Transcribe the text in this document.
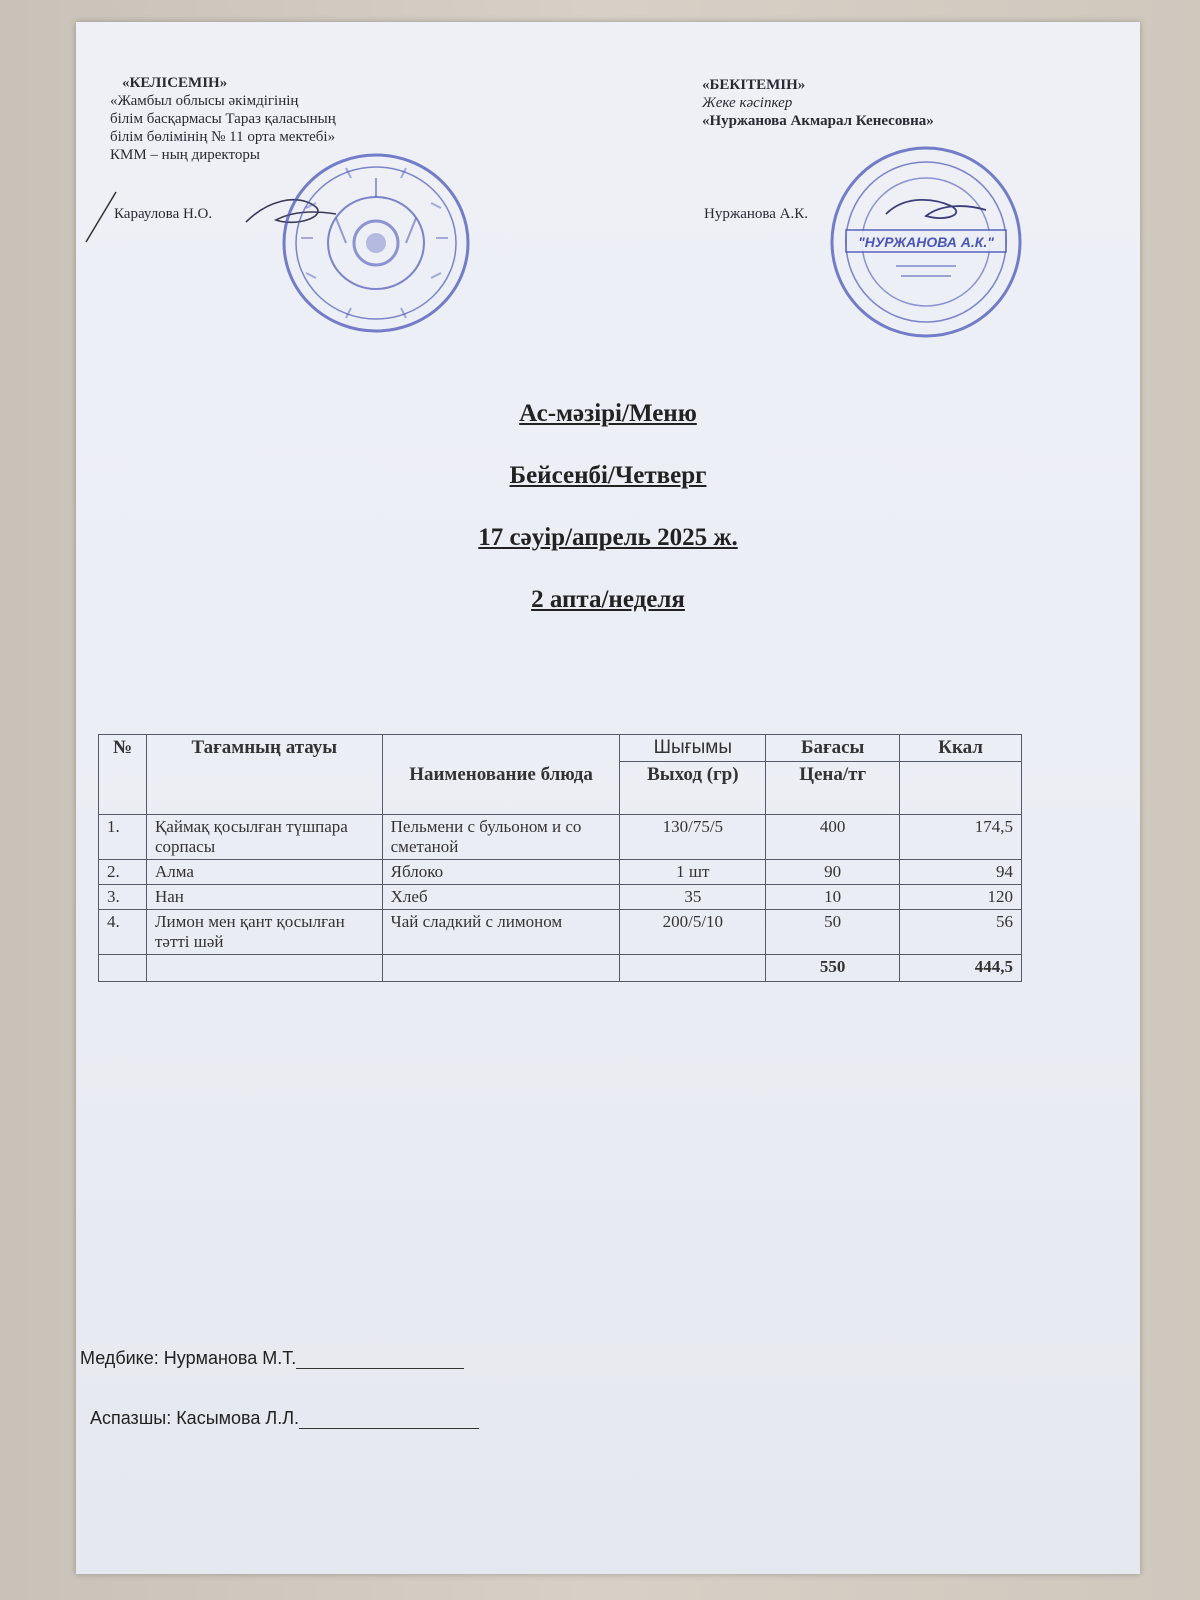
«КЕЛІСЕМІН»
«Жамбыл облысы әкімдігінің
білім басқармасы Тараз қаласының
білім бөлімінің № 11 орта мектебі»
КММ – ның директоры
Караулова Н.О.
«БЕКІТЕМІН»
Жеке кәсіпкер
«Нуржанова Акмарал Кенесовна»
Нуржанова А.К.
"НУРЖАНОВА А.К."
Ас-мәзірі/Меню
Бейсенбі/Четверг
17 сәуір/апрель 2025 ж.
2 апта/неделя
№	Тағамның атауы	Наименование блюда	Шығымы	Бағасы	Ккал
			Выход (гр)	Цена/тг	
1.	Қаймақ қосылған түшпара сорпасы	Пельмени с бульоном и со сметаной	130/75/5	400	174,5
2.	Алма	Яблоко	1 шт	90	94
3.	Нан	Хлеб	35	10	120
4.	Лимон мен қант қосылған тәтті шәй	Чай сладкий с лимоном	200/5/10	50	56
				550	444,5
Медбике: Нурманова М.Т.
Аспазшы: Касымова Л.Л.
